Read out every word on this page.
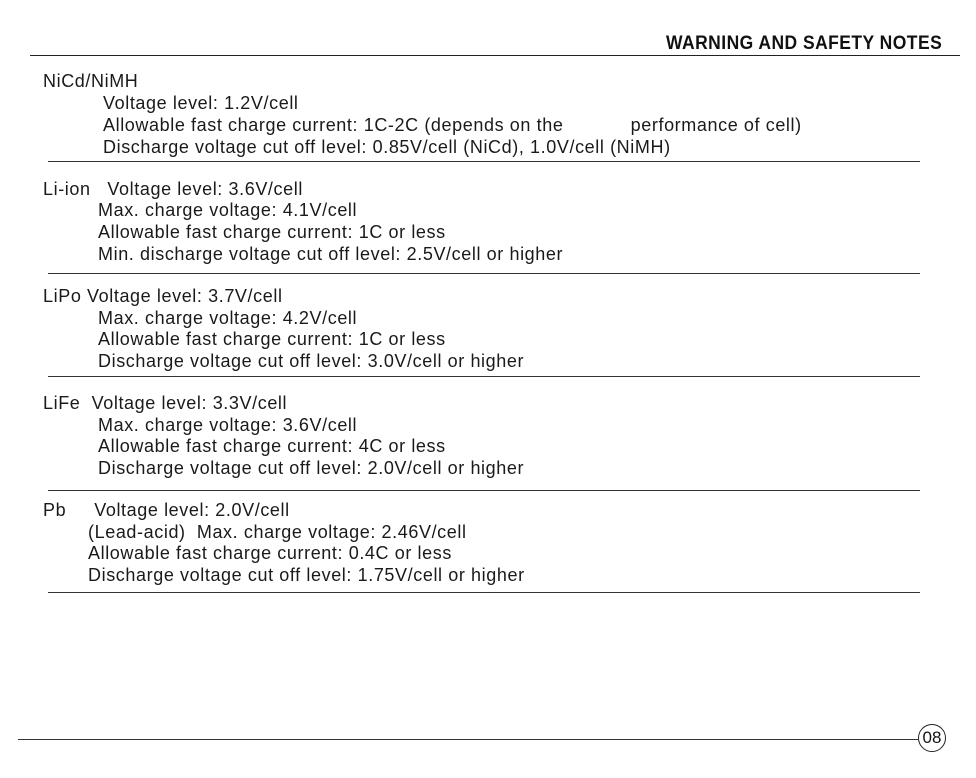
WARNING AND SAFETY NOTES
NiCd/NiMH
Voltage level: 1.2V/cell
Allowable fast charge current: 1C-2C (depends on the            performance of cell)
Discharge voltage cut off level: 0.85V/cell (NiCd), 1.0V/cell (NiMH)
Li-ion   Voltage level: 3.6V/cell
Max. charge voltage: 4.1V/cell
Allowable fast charge current: 1C or less
Min. discharge voltage cut off level: 2.5V/cell or higher
LiPo Voltage level: 3.7V/cell
Max. charge voltage: 4.2V/cell
Allowable fast charge current: 1C or less
Discharge voltage cut off level: 3.0V/cell or higher
LiFe  Voltage level: 3.3V/cell
Max. charge voltage: 3.6V/cell
Allowable fast charge current: 4C or less
Discharge voltage cut off level: 2.0V/cell or higher
Pb     Voltage level: 2.0V/cell
(Lead-acid)  Max. charge voltage: 2.46V/cell
Allowable fast charge current: 0.4C or less
Discharge voltage cut off level: 1.75V/cell or higher
08
